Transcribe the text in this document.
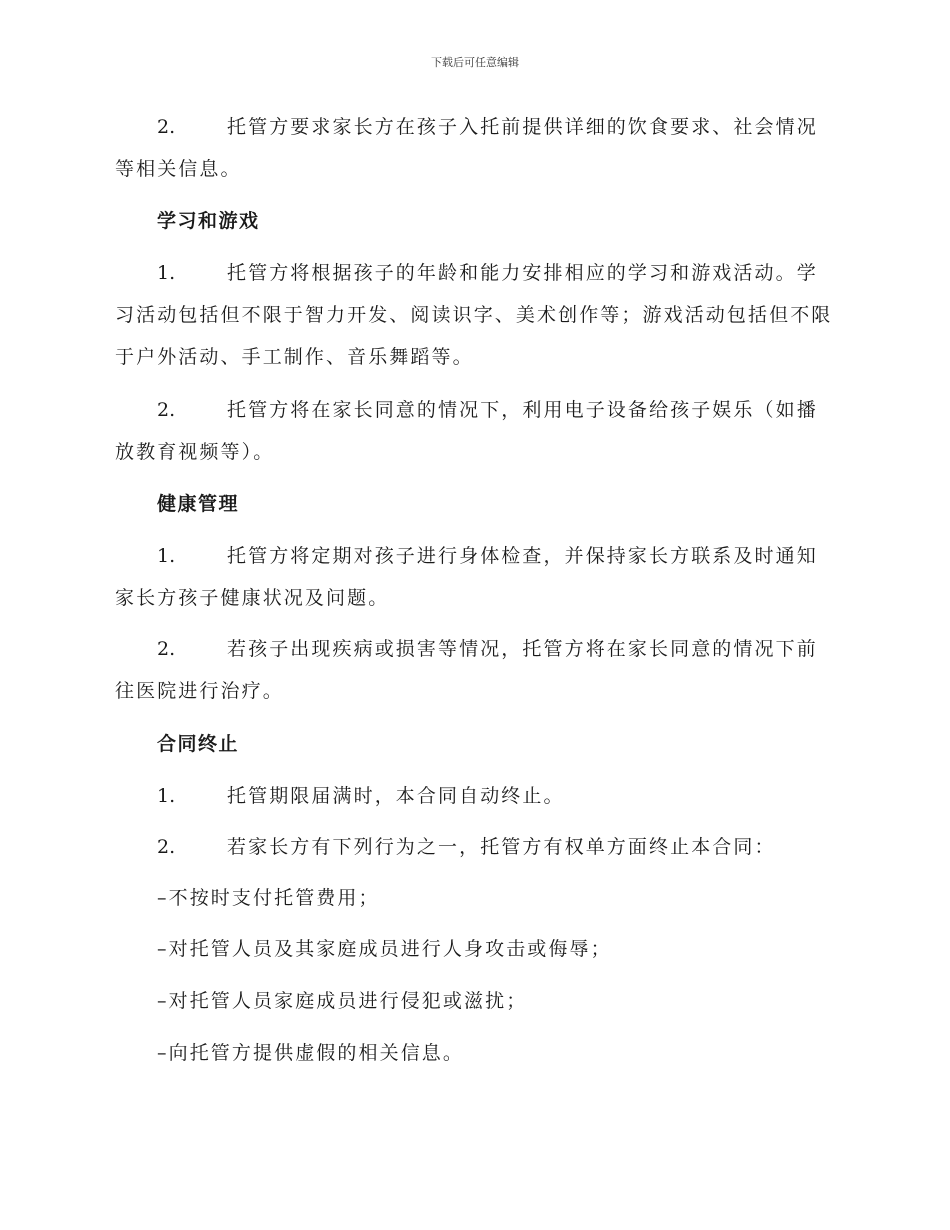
下载后可任意编辑

2.	托管方要求家长方在孩子入托前提供详细的饮食要求、社会情况等相关信息。

学习和游戏

1.	托管方将根据孩子的年龄和能力安排相应的学习和游戏活动。学习活动包括但不限于智力开发、阅读识字、美术创作等；游戏活动包括但不限于户外活动、手工制作、音乐舞蹈等。

2.	托管方将在家长同意的情况下，利用电子设备给孩子娱乐（如播放教育视频等）。

健康管理

1.	托管方将定期对孩子进行身体检查，并保持家长方联系及时通知家长方孩子健康状况及问题。

2.	若孩子出现疾病或损害等情况，托管方将在家长同意的情况下前往医院进行治疗。

合同终止

1.	托管期限届满时，本合同自动终止。

2.	若家长方有下列行为之一，托管方有权单方面终止本合同：

–不按时支付托管费用；

–对托管人员及其家庭成员进行人身攻击或侮辱；

–对托管人员家庭成员进行侵犯或滋扰；

–向托管方提供虚假的相关信息。
